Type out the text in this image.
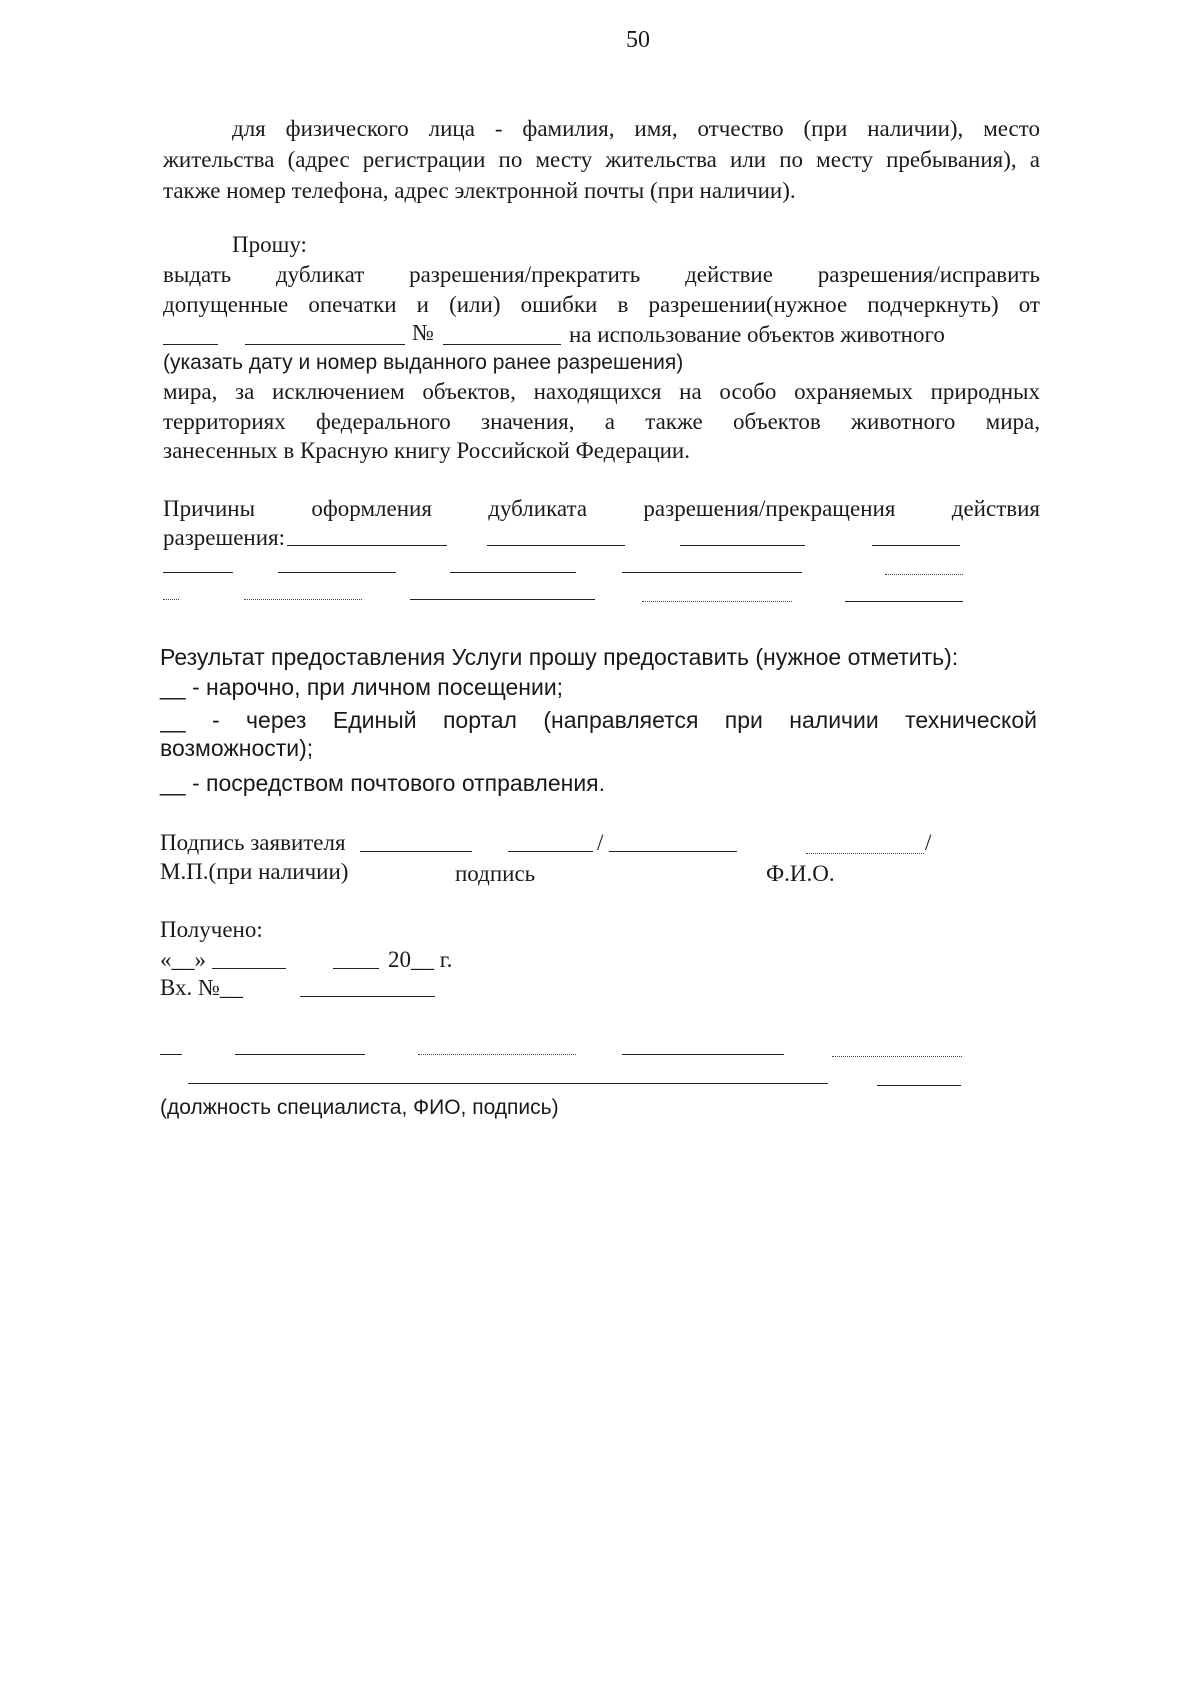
50
для физического лица - фамилия, имя, отчество (при наличии), место
жительства (адрес регистрации по месту жительства или по месту пребывания), а
также номер телефона, адрес электронной почты (при наличии).
Прошу:
выдать дубликат разрешения/прекратить действие разрешения/исправить
допущенные опечатки и (или) ошибки в разрешении(нужное подчеркнуть) от
№	на использование объектов животного
(указать дату и номер выданного ранее разрешения)
мира, за исключением объектов, находящихся на особо охраняемых природных
территориях федерального значения, а также объектов животного мира,
занесенных в Красную книгу Российской Федерации.
Причины оформления дубликата разрешения/прекращения действия
разрешения:
Результат предоставления Услуги прошу предоставить (нужное отметить):
__ - нарочно, при личном посещении;
__ - через Единый портал (направляется при наличии технической
возможности);
__ - посредством почтового отправления.
Подпись заявителя	/	/
М.П.(при наличии)	подпись	Ф.И.О.
Получено:
«__»	20__ г.
Вх. №__
(должность специалиста, ФИО, подпись)
